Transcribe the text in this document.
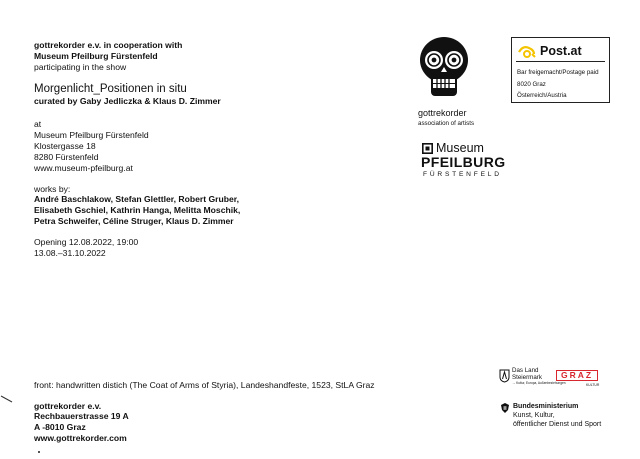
gottrekorder e.v. in cooperation with
Museum Pfeilburg Fürstenfeld
participating in the show
Morgenlicht_Positionen in situ
curated by Gaby Jedliczka & Klaus D. Zimmer
at
Museum Pfeilburg Fürstenfeld
Klostergasse 18
8280 Fürstenfeld
www.museum-pfeilburg.at
works by:
André Baschlakow, Stefan Glettler, Robert Gruber,
Elisabeth Gschiel, Kathrin Hanga, Melitta Moschik,
Petra Schweifer, Céline Struger, Klaus D. Zimmer
Opening 12.08.2022, 19:00
13.08.–31.10.2022
front: handwritten distich (The Coat of Arms of Styria), Landeshandfeste, 1523, StLA Graz
gottrekorder e.v.
Rechbauerstrasse 19 A
A -8010 Graz
www.gottrekorder.com
gottrekorder
association of artists
Museum
PFEILBURG
FÜRSTENFELD
Post.at
Bar freigemacht/Postage paid
8020 Graz
Österreich/Austria
Das Land
Steiermark
→ Kultur, Europa, Außenbeziehungen
GRAZ
KULTUR
Bundesministerium
Kunst, Kultur,
öffentlicher Dienst und Sport
